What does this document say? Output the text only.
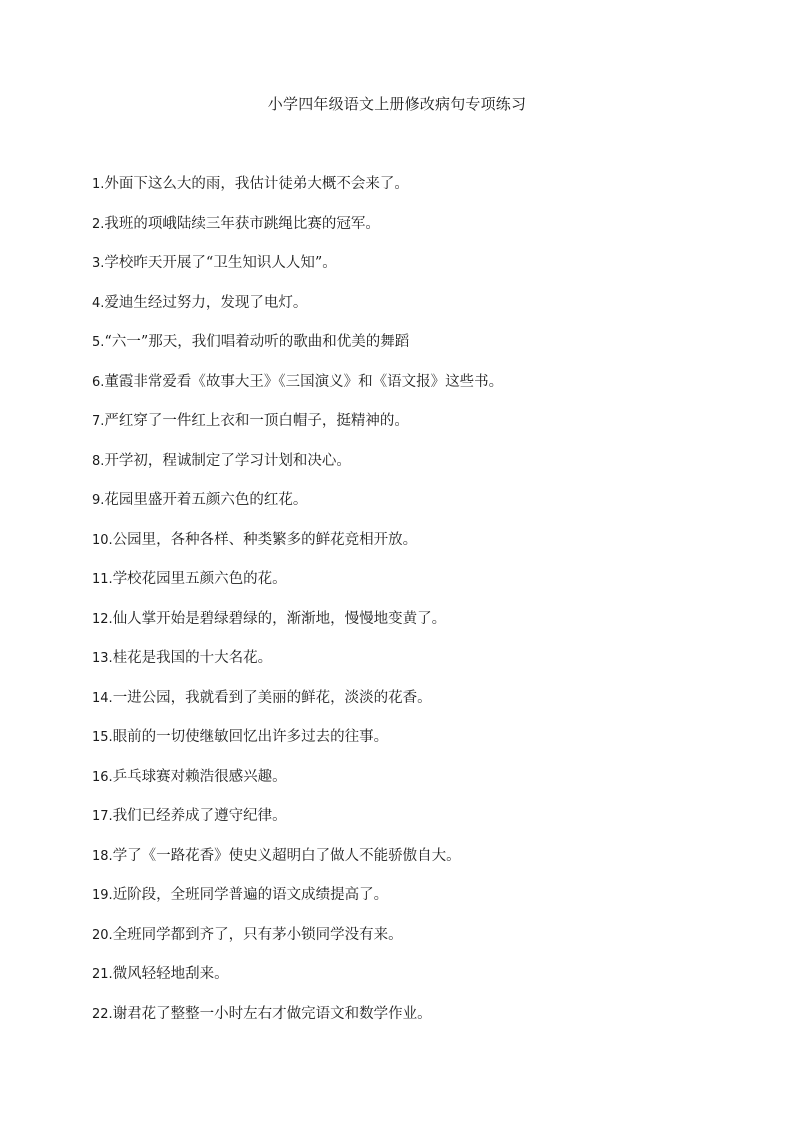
小学四年级语文上册修改病句专项练习
1.外面下这么大的雨，我估计徒弟大概不会来了。
2.我班的项峨陆续三年获市跳绳比赛的冠军。
3.学校昨天开展了“卫生知识人人知”。
4.爱迪生经过努力，发现了电灯。
5.“六一”那天，我们唱着动听的歌曲和优美的舞蹈
6.董霞非常爱看《故事大王》《三国演义》和《语文报》这些书。
7.严红穿了一件红上衣和一顶白帽子，挺精神的。
8.开学初，程诚制定了学习计划和决心。
9.花园里盛开着五颜六色的红花。
10.公园里，各种各样、种类繁多的鲜花竞相开放。
11.学校花园里五颜六色的花。
12.仙人掌开始是碧绿碧绿的，渐渐地，慢慢地变黄了。
13.桂花是我国的十大名花。
14.一进公园，我就看到了美丽的鲜花，淡淡的花香。
15.眼前的一切使继敏回忆出许多过去的往事。
16.乒乓球赛对赖浩很感兴趣。
17.我们已经养成了遵守纪律。
18.学了《一路花香》使史义超明白了做人不能骄傲自大。
19.近阶段，全班同学普遍的语文成绩提高了。
20.全班同学都到齐了，只有茅小锁同学没有来。
21.微风轻轻地刮来。
22.谢君花了整整一小时左右才做完语文和数学作业。
